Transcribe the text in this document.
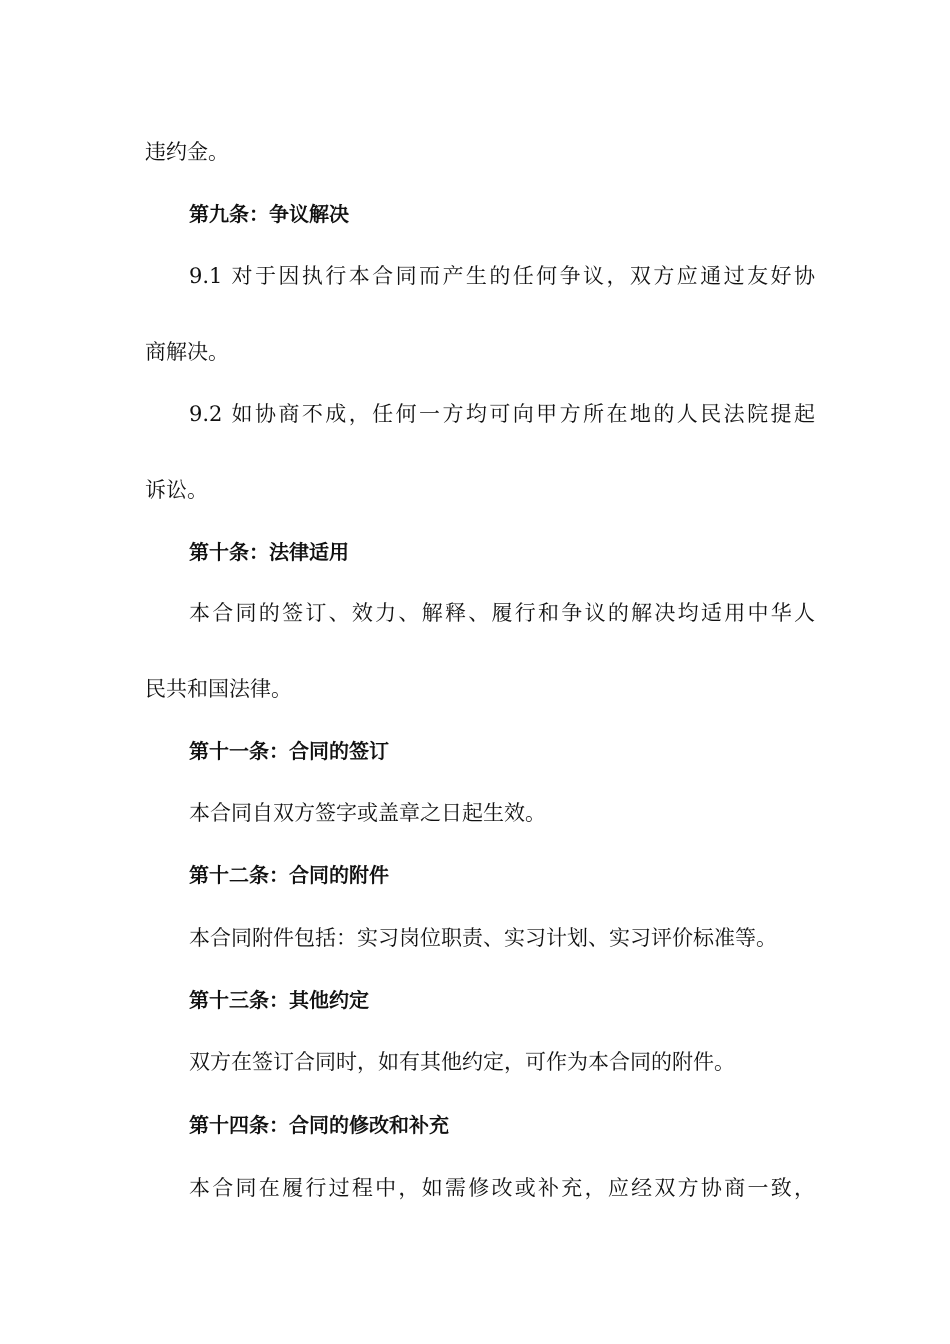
违约金。
第九条：争议解决
9.1 对于因执行本合同而产生的任何争议，双方应通过友好协
商解决。
9.2 如协商不成，任何一方均可向甲方所在地的人民法院提起
诉讼。
第十条：法律适用
本合同的签订、效力、解释、履行和争议的解决均适用中华人
民共和国法律。
第十一条：合同的签订
本合同自双方签字或盖章之日起生效。
第十二条：合同的附件
本合同附件包括：实习岗位职责、实习计划、实习评价标准等。
第十三条：其他约定
双方在签订合同时，如有其他约定，可作为本合同的附件。
第十四条：合同的修改和补充
本合同在履行过程中，如需修改或补充，应经双方协商一致，
